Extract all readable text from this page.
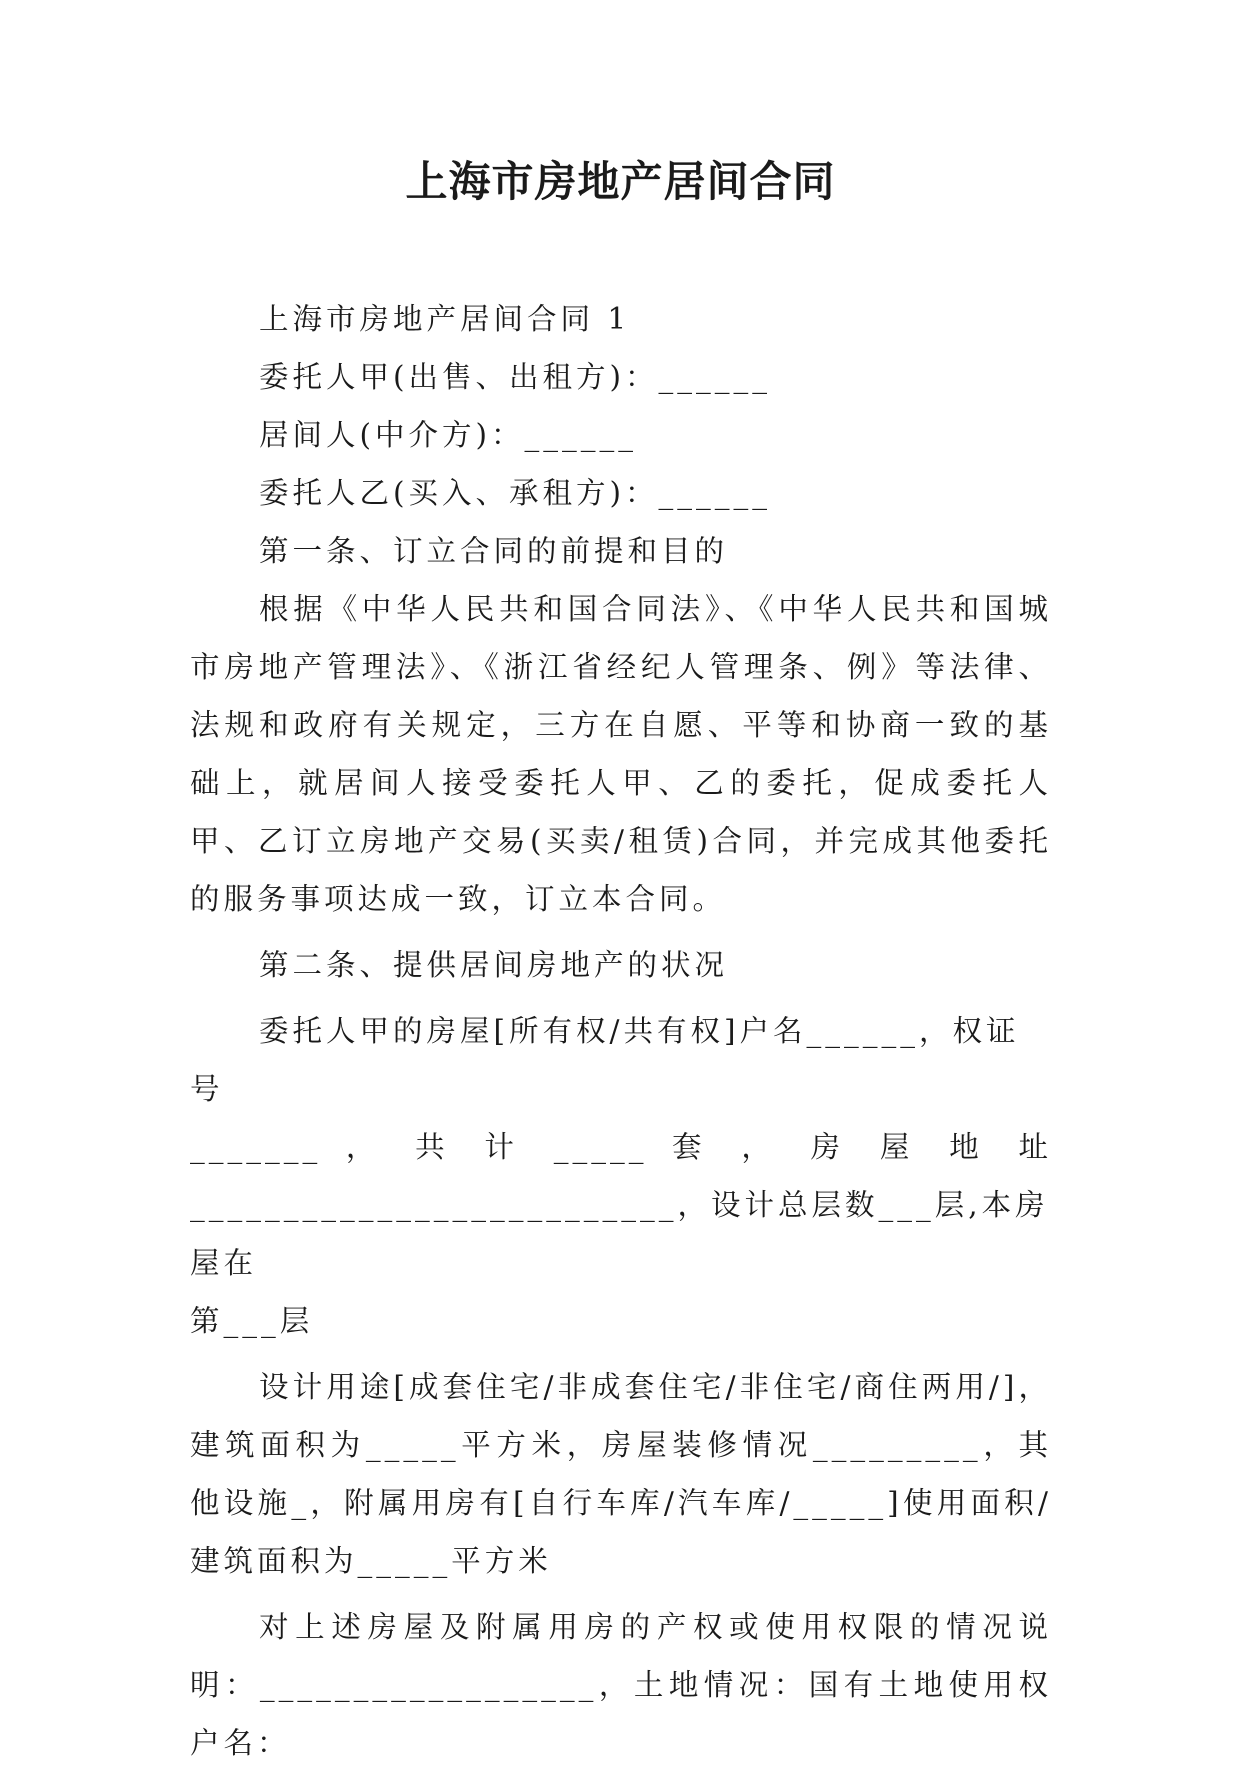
上海市房地产居间合同

上海市房地产居间合同 1

委托人甲(出售、出租方)：______

居间人(中介方)：______

委托人乙(买入、承租方)：______

第一条、订立合同的前提和目的

根据《中华人民共和国合同法》、《中华人民共和国城市房地产管理法》、《浙江省经纪人管理条、例》等法律、法规和政府有关规定，三方在自愿、平等和协商一致的基础上，就居间人接受委托人甲、乙的委托，促成委托人甲、乙订立房地产交易(买卖/租赁)合同，并完成其他委托的服务事项达成一致，订立本合同。

第二条、提供居间房地产的状况

委托人甲的房屋[所有权/共有权]户名______，权证号

_______ ， 共 计 _____ 套 ， 房 屋 地 址

__________________________，设计总层数___层,本房屋在

第___层

设计用途[成套住宅/非成套住宅/非住宅/商住两用/]，建筑面积为_____平方米，房屋装修情况_________，其他设施_，附属用房有[自行车库/汽车库/_____]使用面积/建筑面积为_____平方米

对上述房屋及附属用房的产权或使用权限的情况说明：__________________，土地情况：国有土地使用权户名：
